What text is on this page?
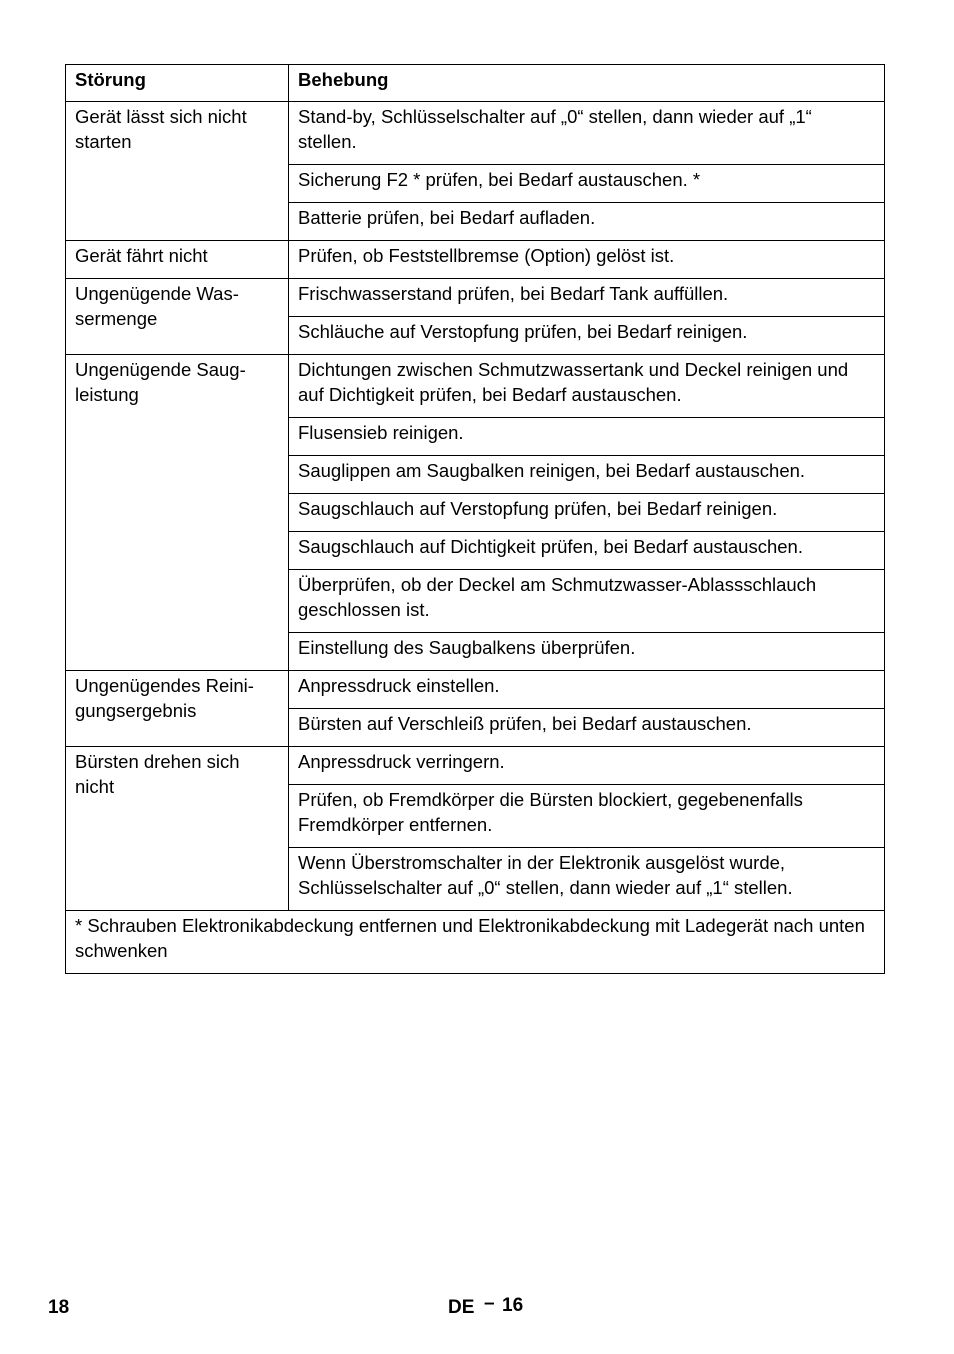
Störung	Behebung
Gerät lässt sich nicht starten	Stand-by, Schlüsselschalter auf „0“ stellen, dann wieder auf „1“ stellen.
	Sicherung F2 * prüfen, bei Bedarf austauschen. *
	Batterie prüfen, bei Bedarf aufladen.
Gerät fährt nicht	Prüfen, ob Feststellbremse (Option) gelöst ist.
Ungenügende Was-sermenge	Frischwasserstand prüfen, bei Bedarf Tank auffüllen.
	Schläuche auf Verstopfung prüfen, bei Bedarf reinigen.
Ungenügende Saug-leistung	Dichtungen zwischen Schmutzwassertank und Deckel reinigen und auf Dichtigkeit prüfen, bei Bedarf austauschen.
	Flusensieb reinigen.
	Sauglippen am Saugbalken reinigen, bei Bedarf austauschen.
	Saugschlauch auf Verstopfung prüfen, bei Bedarf reinigen.
	Saugschlauch auf Dichtigkeit prüfen, bei Bedarf austauschen.
	Überprüfen, ob der Deckel am Schmutzwasser-Ablassschlauch geschlossen ist.
	Einstellung des Saugbalkens überprüfen.
Ungenügendes Reini-gungsergebnis	Anpressdruck einstellen.
	Bürsten auf Verschleiß prüfen, bei Bedarf austauschen.
Bürsten drehen sich nicht	Anpressdruck verringern.
	Prüfen, ob Fremdkörper die Bürsten blockiert, gegebenenfalls Fremdkörper entfernen.
	Wenn Überstromschalter in der Elektronik ausgelöst wurde, Schlüsselschalter auf „0“ stellen, dann wieder auf „1“ stellen.
* Schrauben Elektronikabdeckung entfernen und Elektronikabdeckung mit Ladegerät nach unten schwenken	
18	DE – 16
